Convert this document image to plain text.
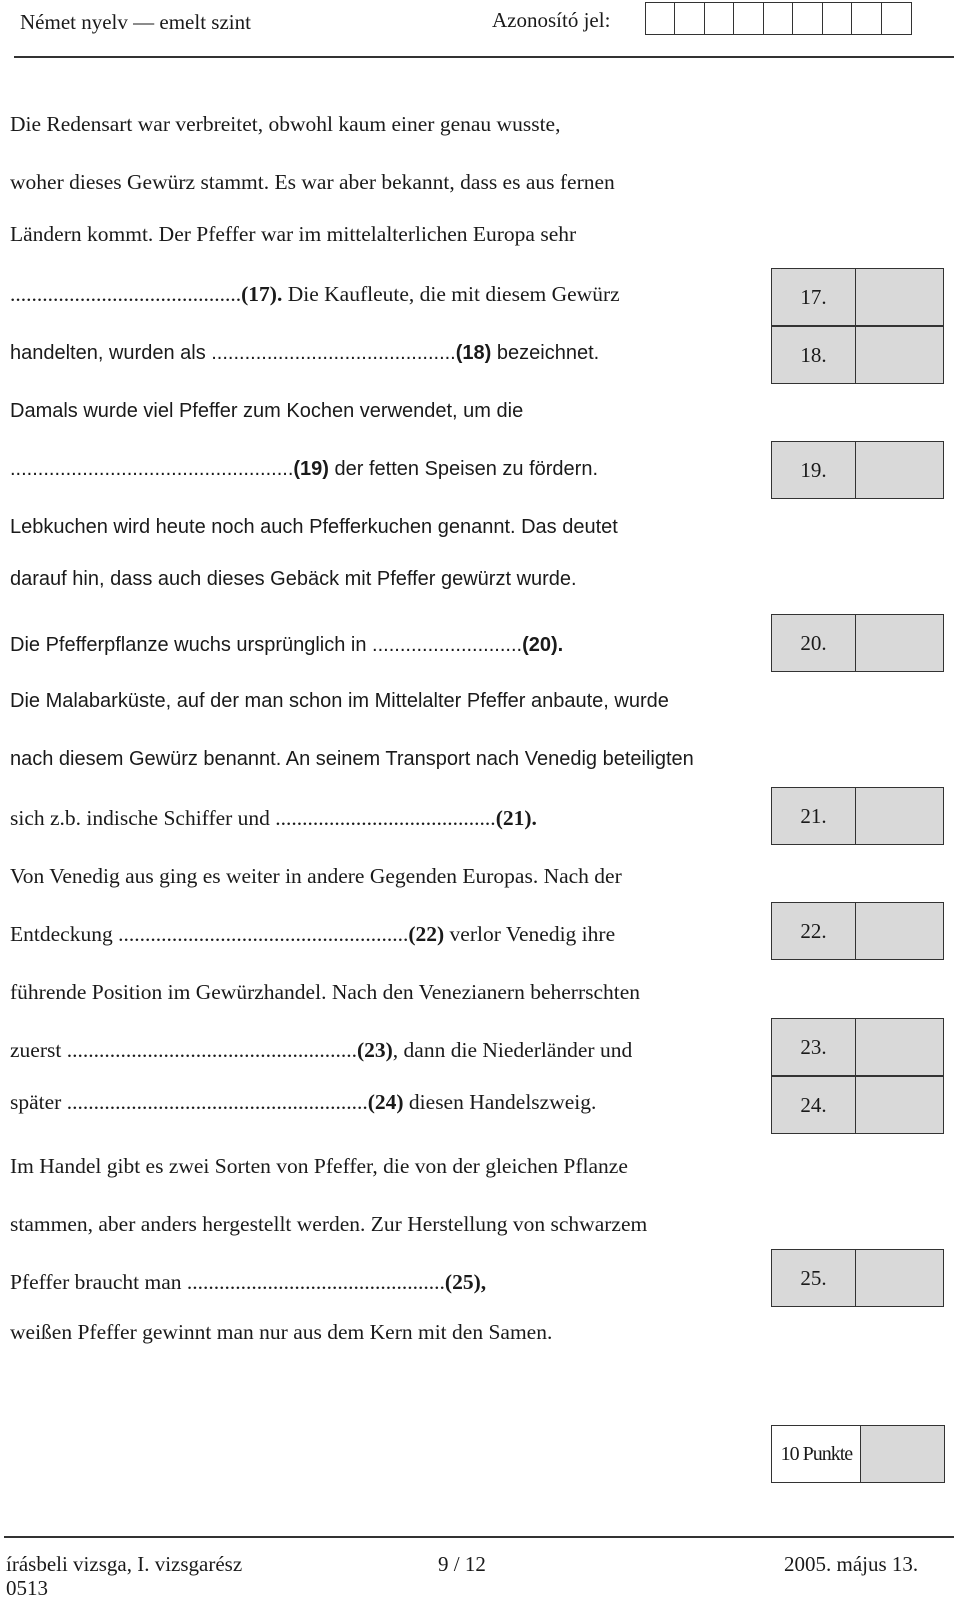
Német nyelv — emelt szint	Azonosító jel:
Die Redensart war verbreitet, obwohl kaum einer genau wusste,
woher dieses Gewürz stammt. Es war aber bekannt, dass es aus fernen
Ländern kommt. Der Pfeffer war im mittelalterlichen Europa sehr
...........................................(17). Die Kaufleute, die mit diesem Gewürz
handelten, wurden als ............................................(18) bezeichnet.
Damals wurde viel Pfeffer zum Kochen verwendet, um die
...................................................(19) der fetten Speisen zu fördern.
Lebkuchen wird heute noch auch Pfefferkuchen genannt. Das deutet
darauf hin, dass auch dieses Gebäck mit Pfeffer gewürzt wurde.
Die Pfefferpflanze wuchs ursprünglich in ...........................(20).
Die Malabarküste, auf der man schon im Mittelalter Pfeffer anbaute, wurde
nach diesem Gewürz benannt. An seinem Transport nach Venedig beteiligten
sich z.b. indische Schiffer und .........................................(21).
Von Venedig aus ging es weiter in andere Gegenden Europas. Nach der
Entdeckung ......................................................(22) verlor Venedig ihre
führende Position im Gewürzhandel. Nach den Venezianern beherrschten
zuerst ......................................................(23), dann die Niederländer und
später ........................................................(24) diesen Handelszweig.
Im Handel gibt es zwei Sorten von Pfeffer, die von der gleichen Pflanze
stammen, aber anders hergestellt werden. Zur Herstellung von schwarzem
Pfeffer braucht man ................................................(25),
weißen Pfeffer gewinnt man nur aus dem Kern mit den Samen.
17.
18.
19.
20.
21.
22.
23.
24.
25.
10 Punkte
írásbeli vizsga, I. vizsgarész
0513
9 / 12	2005. május 13.
